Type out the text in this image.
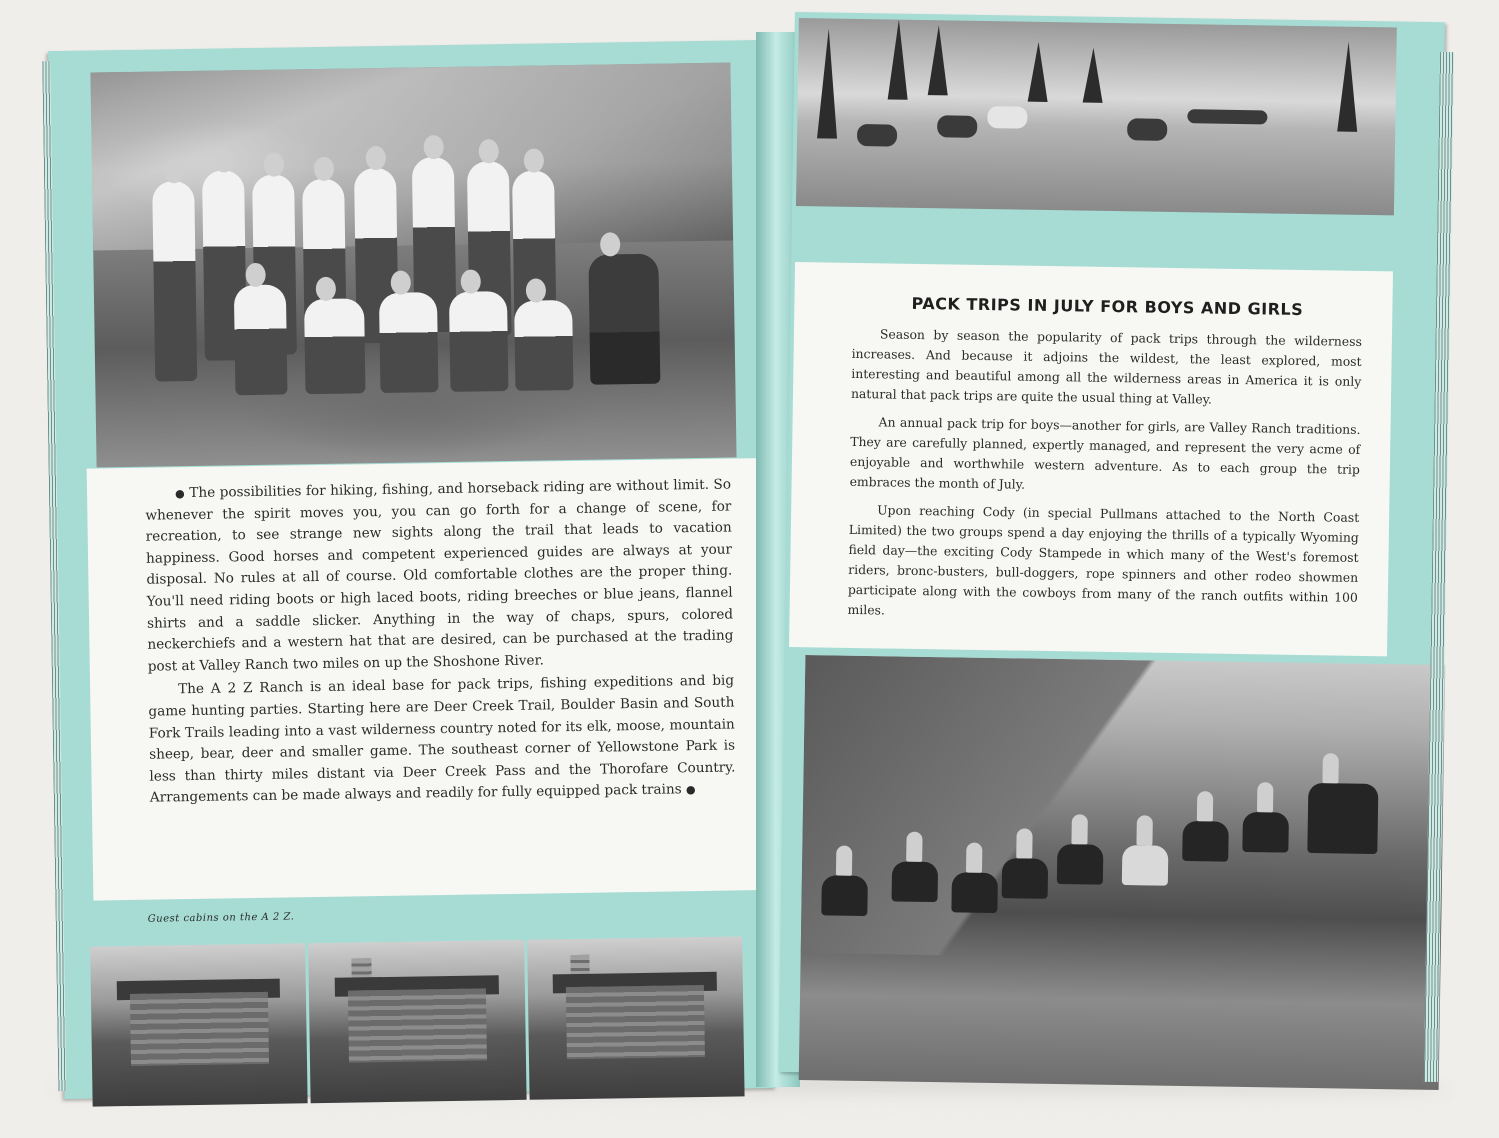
● The possibilities for hiking, fishing, and horseback riding are without limit. So whenever the spirit moves you, you can go forth for a change of scene, for recreation, to see strange new sights along the trail that leads to vacation happiness. Good horses and competent experienced guides are always at your disposal. No rules at all of course. Old comfortable clothes are the proper thing. You'll need riding boots or high laced boots, riding breeches or blue jeans, flannel shirts and a saddle slicker. Anything in the way of chaps, spurs, colored neckerchiefs and a western hat that are desired, can be purchased at the trading post at Valley Ranch two miles on up the Shoshone River.

The A 2 Z Ranch is an ideal base for pack trips, fishing expeditions and big game hunting parties. Starting here are Deer Creek Trail, Boulder Basin and South Fork Trails leading into a vast wilderness country noted for its elk, moose, mountain sheep, bear, deer and smaller game. The southeast corner of Yellowstone Park is less than thirty miles distant via Deer Creek Pass and the Thorofare Country. Arrangements can be made always and readily for fully equipped pack trains ●

Guest cabins on the A 2 Z.
PACK TRIPS IN JULY FOR BOYS AND GIRLS

Season by season the popularity of pack trips through the wilderness increases. And because it adjoins the wildest, the least explored, most interesting and beautiful among all the wilderness areas in America it is only natural that pack trips are quite the usual thing at Valley.

An annual pack trip for boys—another for girls, are Valley Ranch traditions. They are carefully planned, expertly managed, and represent the very acme of enjoyable and worthwhile western adventure. As to each group the trip embraces the month of July.

Upon reaching Cody (in special Pullmans attached to the North Coast Limited) the two groups spend a day enjoying the thrills of a typically Wyoming field day—the exciting Cody Stampede in which many of the West's foremost riders, bronc-busters, bull-doggers, rope spinners and other rodeo showmen participate along with the cowboys from many of the ranch outfits within 100 miles.
